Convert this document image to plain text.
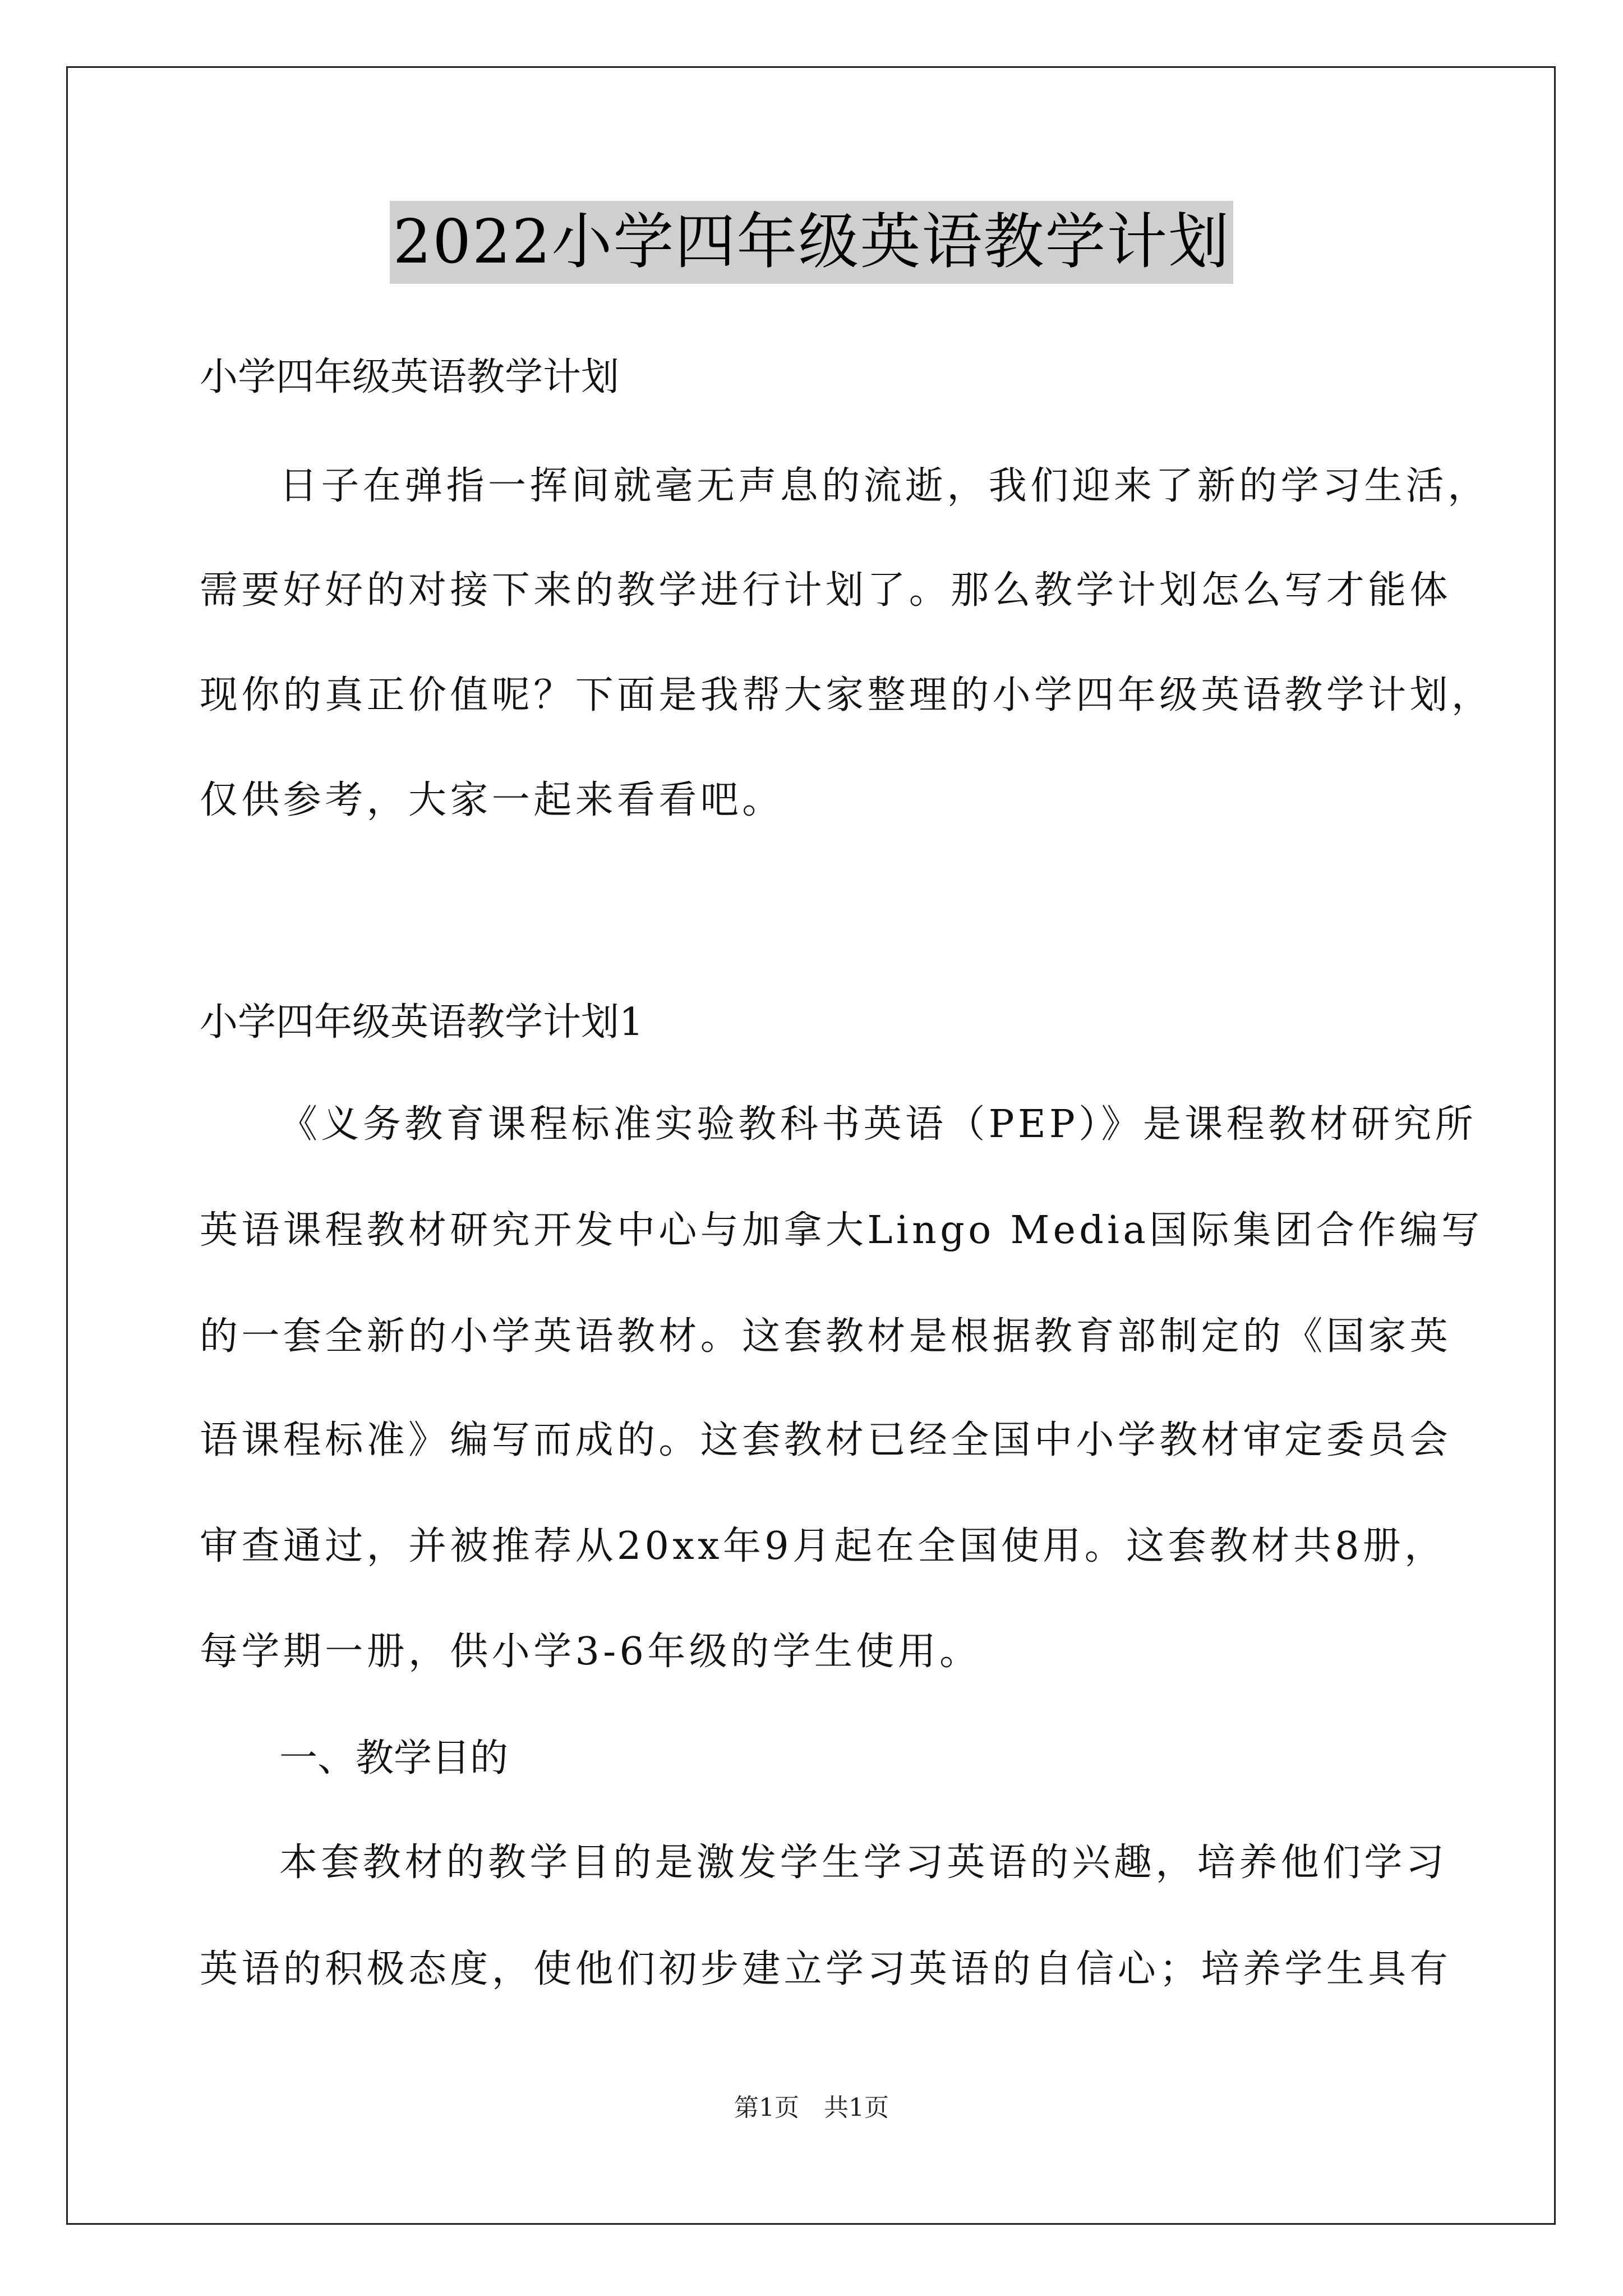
2022小学四年级英语教学计划
小学四年级英语教学计划
日子在弹指一挥间就毫无声息的流逝，我们迎来了新的学习生活，
需要好好的对接下来的教学进行计划了。那么教学计划怎么写才能体
现你的真正价值呢？下面是我帮大家整理的小学四年级英语教学计划，
仅供参考，大家一起来看看吧。
小学四年级英语教学计划1
《义务教育课程标准实验教科书英语（PEP）》是课程教材研究所
英语课程教材研究开发中心与加拿大Lingo Media国际集团合作编写
的一套全新的小学英语教材。这套教材是根据教育部制定的《国家英
语课程标准》编写而成的。这套教材已经全国中小学教材审定委员会
审查通过，并被推荐从20xx年9月起在全国使用。这套教材共8册，
每学期一册，供小学3-6年级的学生使用。
一、教学目的
本套教材的教学目的是激发学生学习英语的兴趣，培养他们学习
英语的积极态度，使他们初步建立学习英语的自信心；培养学生具有
第1页　共1页
